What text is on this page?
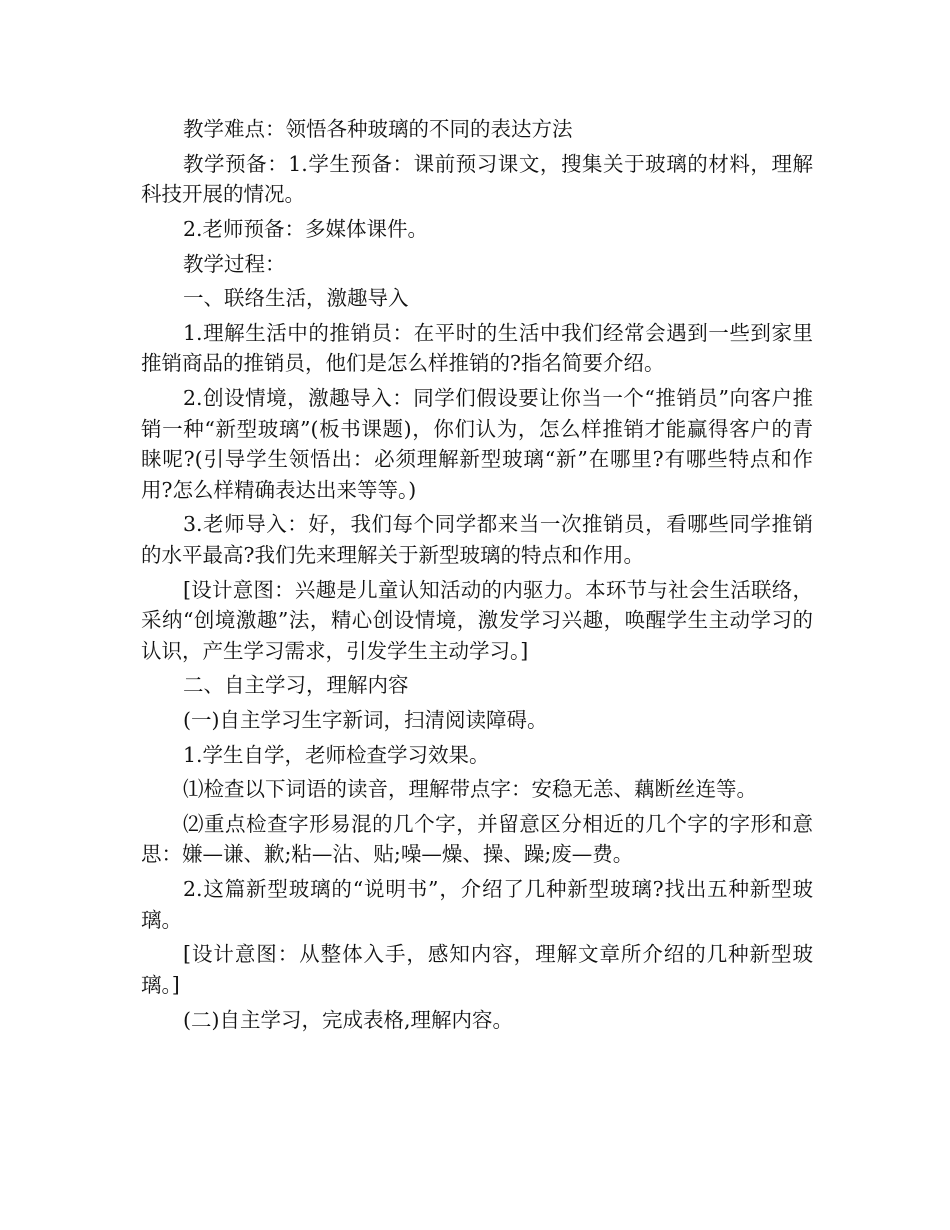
教学难点：领悟各种玻璃的不同的表达方法

教学预备：1.学生预备：课前预习课文，搜集关于玻璃的材料，理解科技开展的情况。

2.老师预备：多媒体课件。

教学过程：

一、联络生活，激趣导入

1.理解生活中的推销员：在平时的生活中我们经常会遇到一些到家里推销商品的推销员，他们是怎么样推销的?指名简要介绍。

2.创设情境，激趣导入：同学们假设要让你当一个“推销员”向客户推销一种“新型玻璃”(板书课题)，你们认为，怎么样推销才能赢得客户的青睐呢?(引导学生领悟出：必须理解新型玻璃“新”在哪里?有哪些特点和作用?怎么样精确表达出来等等。)

3.老师导入：好，我们每个同学都来当一次推销员，看哪些同学推销的水平最高?我们先来理解关于新型玻璃的特点和作用。

[设计意图：兴趣是儿童认知活动的内驱力。本环节与社会生活联络，采纳“创境激趣”法，精心创设情境，激发学习兴趣，唤醒学生主动学习的认识，产生学习需求，引发学生主动学习。]

二、自主学习，理解内容

(一)自主学习生字新词，扫清阅读障碍。

1.学生自学，老师检查学习效果。

⑴检查以下词语的读音，理解带点字：安稳无恙、藕断丝连等。

⑵重点检查字形易混的几个字，并留意区分相近的几个字的字形和意思：嫌—谦、歉;粘—沾、贴;噪—燥、操、躁;废—费。

2.这篇新型玻璃的“说明书”，介绍了几种新型玻璃?找出五种新型玻璃。

[设计意图：从整体入手，感知内容，理解文章所介绍的几种新型玻璃。]

(二)自主学习，完成表格,理解内容。
